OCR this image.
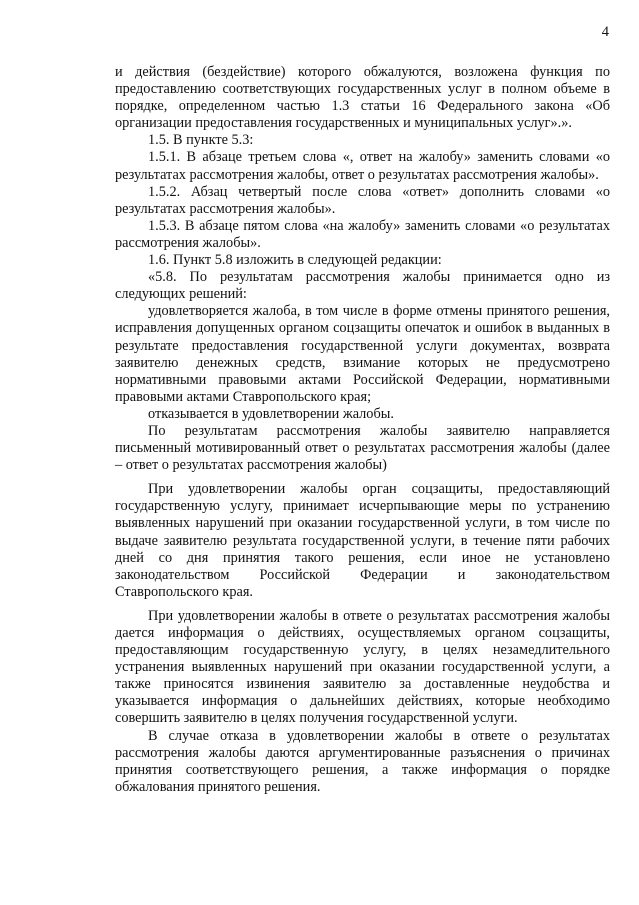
4

и действия (бездействие) которого обжалуются, возложена функция по предоставлению соответствующих государственных услуг в полном объеме в порядке, определенном частью 1.3 статьи 16 Федерального закона «Об организации предоставления государственных и муниципальных услуг».».

1.5. В пункте 5.3:

1.5.1. В абзаце третьем слова «, ответ на жалобу» заменить словами «о результатах рассмотрения жалобы, ответ о результатах рассмотрения жалобы».

1.5.2. Абзац четвертый после слова «ответ» дополнить словами «о результатах рассмотрения жалобы».

1.5.3. В абзаце пятом слова «на жалобу» заменить словами «о результатах рассмотрения жалобы».

1.6. Пункт 5.8 изложить в следующей редакции:

«5.8. По результатам рассмотрения жалобы принимается одно из следующих решений:

удовлетворяется жалоба, в том числе в форме отмены принятого решения, исправления допущенных органом соцзащиты опечаток и ошибок в выданных в результате предоставления государственной услуги документах, возврата заявителю денежных средств, взимание которых не предусмотрено нормативными правовыми актами Российской Федерации, нормативными правовыми актами Ставропольского края;

отказывается в удовлетворении жалобы.

По результатам рассмотрения жалобы заявителю направляется письменный мотивированный ответ о результатах рассмотрения жалобы (далее – ответ о результатах рассмотрения жалобы)

При удовлетворении жалобы орган соцзащиты, предоставляющий государственную услугу, принимает исчерпывающие меры по устранению выявленных нарушений при оказании государственной услуги, в том числе по выдаче заявителю результата государственной услуги, в течение пяти рабочих дней со дня принятия такого решения, если иное не установлено законодательством Российской Федерации и законодательством Ставропольского края.

При удовлетворении жалобы в ответе о результатах рассмотрения жалобы дается информация о действиях, осуществляемых органом соцзащиты, предоставляющим государственную услугу, в целях незамедлительного устранения выявленных нарушений при оказании государственной услуги, а также приносятся извинения заявителю за доставленные неудобства и указывается информация о дальнейших действиях, которые необходимо совершить заявителю в целях получения государственной услуги.

В случае отказа в удовлетворении жалобы в ответе о результатах рассмотрения жалобы даются аргументированные разъяснения о причинах принятия соответствующего решения, а также информация о порядке обжалования принятого решения.
